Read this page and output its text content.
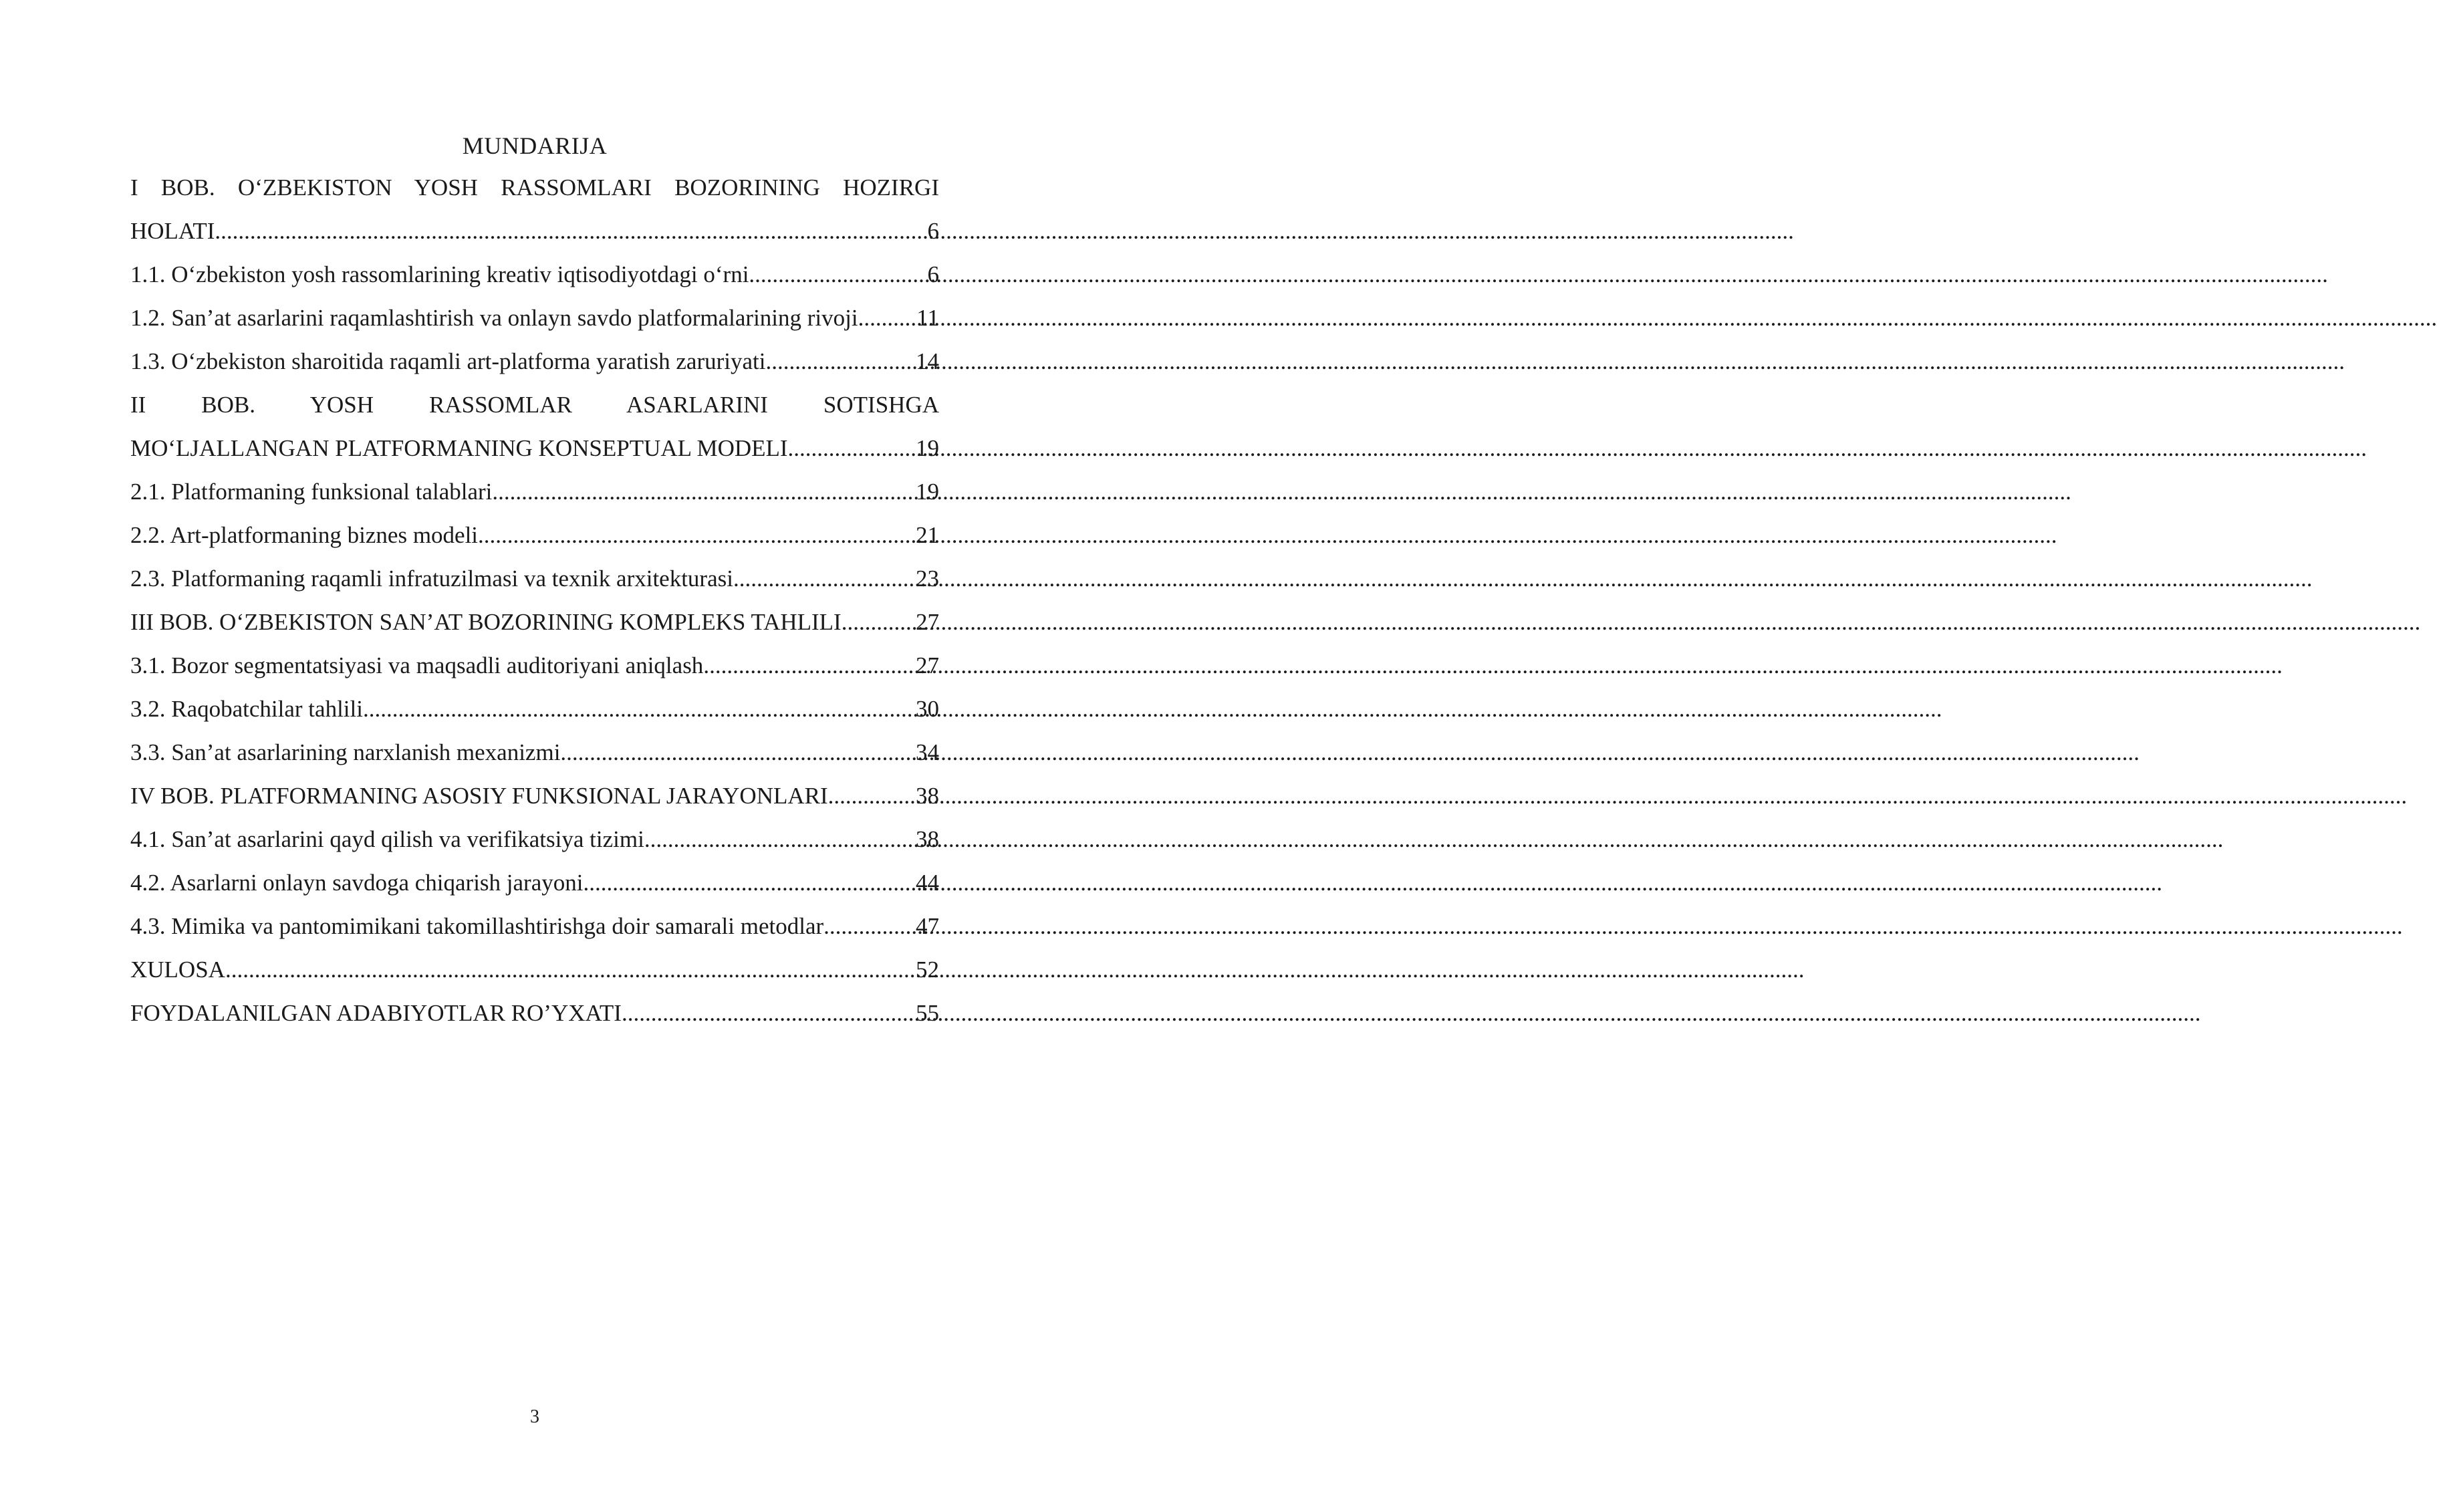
MUNDARIJA
I BOB. O‘ZBEKISTON YOSH RASSOMLARI BOZORINING HOZIRGI
HOLATI .....	6
1.1. O‘zbekiston yosh rassomlarining kreativ iqtisodiyotdagi o‘rni .....	6
1.2. San’at asarlarini raqamlashtirish va onlayn savdo platformalarining rivoji .....	11
1.3. O‘zbekiston sharoitida raqamli art-platforma yaratish zaruriyati .....	14
II BOB. YOSH RASSOMLAR ASARLARINI SOTISHGA
MO‘LJALLANGAN PLATFORMANING KONSEPTUAL MODELI .....	19
2.1. Platformaning funksional talablari .....	19
2.2. Art-platformaning biznes modeli .....	21
2.3. Platformaning raqamli infratuzilmasi va texnik arxitekturasi .....	23
III BOB. O‘ZBEKISTON SAN’AT BOZORINING KOMPLEKS TAHLILI .....	27
3.1. Bozor segmentatsiyasi va maqsadli auditoriyani aniqlash .....	27
3.2. Raqobatchilar tahlili .....	30
3.3. San’at asarlarining narxlanish mexanizmi .....	34
IV BOB. PLATFORMANING ASOSIY FUNKSIONAL JARAYONLARI .....	38
4.1. San’at asarlarini qayd qilish va verifikatsiya tizimi .....	38
4.2. Asarlarni onlayn savdoga chiqarish jarayoni .....	44
4.3. Mimika va pantomimikani takomillashtirishga doir samarali metodlar .....	47
XULOSA .....	52
FOYDALANILGAN ADABIYOTLAR RO’YXATI .....	55
3
